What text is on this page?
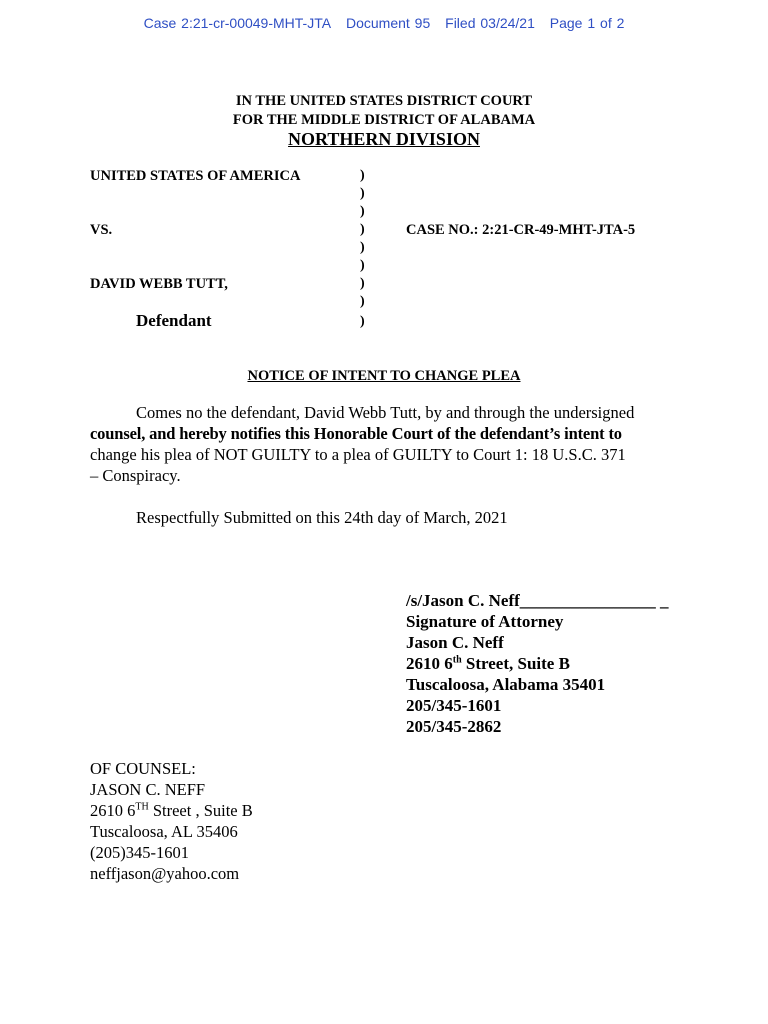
Case 2:21-cr-00049-MHT-JTA Document 95 Filed 03/24/21 Page 1 of 2
IN THE UNITED STATES DISTRICT COURT
FOR THE MIDDLE DISTRICT OF ALABAMA
NORTHERN DIVISION
UNITED STATES OF AMERICA
VS.
DAVID WEBB TUTT,
Defendant
CASE NO.: 2:21-CR-49-MHT-JTA-5
)
)
)
)
)
)
)
)
)
NOTICE OF INTENT TO CHANGE PLEA
Comes no the defendant, David Webb Tutt, by and through the undersigned
counsel, and hereby notifies this Honorable Court of the defendant’s intent to
change his plea of NOT GUILTY to a plea of GUILTY to Court 1: 18 U.S.C. 371
– Conspiracy.
Respectfully Submitted on this 24th day of March, 2021
/s/Jason C. Neff________________ _
Signature of Attorney
Jason C. Neff
2610 6th Street, Suite B
Tuscaloosa, Alabama 35401
205/345-1601
205/345-2862
OF COUNSEL:
JASON C. NEFF
2610 6TH Street , Suite B
Tuscaloosa, AL 35406
(205)345-1601
neffjason@yahoo.com
